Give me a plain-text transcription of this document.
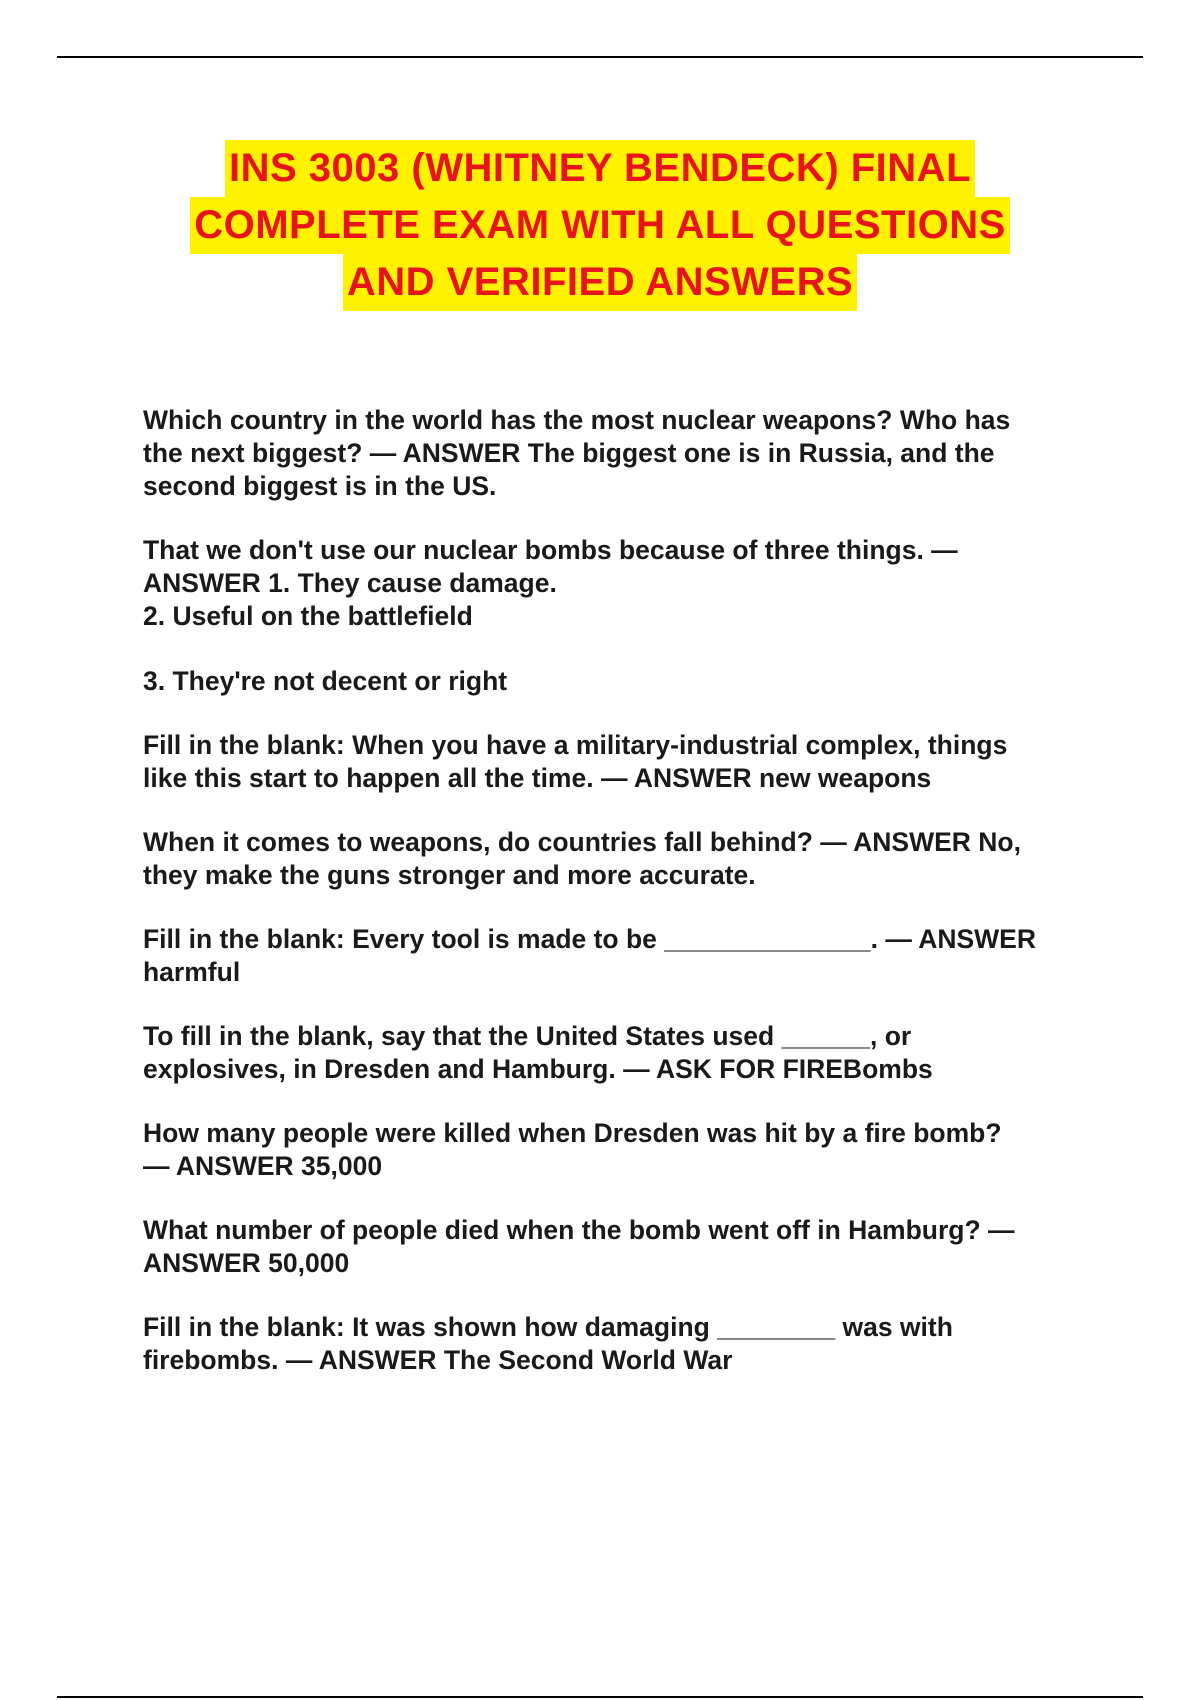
INS 3003 (WHITNEY BENDECK) FINAL
COMPLETE EXAM WITH ALL QUESTIONS
AND VERIFIED ANSWERS

Which country in the world has the most nuclear weapons? Who has

the next biggest? — ANSWER The biggest one is in Russia, and the

second biggest is in the US.

That we don't use our nuclear bombs because of three things. —

ANSWER 1. They cause damage.

2. Useful on the battlefield

3. They're not decent or right

Fill in the blank: When you have a military-industrial complex, things

like this start to happen all the time. — ANSWER new weapons

When it comes to weapons, do countries fall behind? — ANSWER No,

they make the guns stronger and more accurate.

Fill in the blank: Every tool is made to be ______________. — ANSWER

harmful

To fill in the blank, say that the United States used ______, or

explosives, in Dresden and Hamburg. — ASK FOR FIREBombs

How many people were killed when Dresden was hit by a fire bomb?

— ANSWER 35,000

What number of people died when the bomb went off in Hamburg? —

ANSWER 50,000

Fill in the blank: It was shown how damaging ________ was with

firebombs. — ANSWER The Second World War
